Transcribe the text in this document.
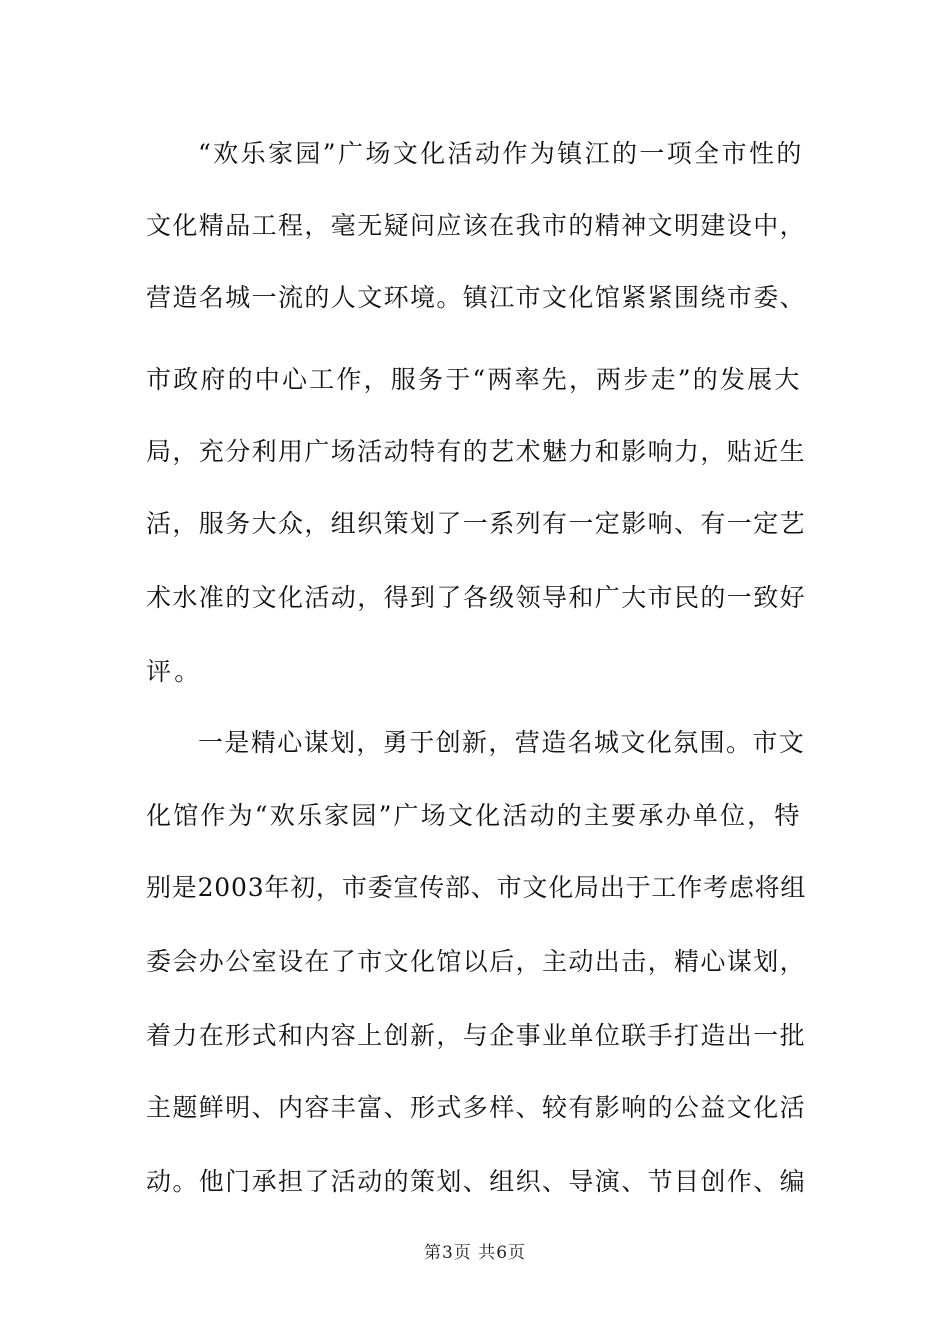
“欢乐家园”广场文化活动作为镇江的一项全市性的
文化精品工程，毫无疑问应该在我市的精神文明建设中，
营造名城一流的人文环境。镇江市文化馆紧紧围绕市委、
市政府的中心工作，服务于“两率先，两步走”的发展大
局，充分利用广场活动特有的艺术魅力和影响力，贴近生
活，服务大众，组织策划了一系列有一定影响、有一定艺
术水准的文化活动，得到了各级领导和广大市民的一致好
评。
一是精心谋划，勇于创新，营造名城文化氛围。市文
化馆作为“欢乐家园”广场文化活动的主要承办单位，特
别是2003年初，市委宣传部、市文化局出于工作考虑将组
委会办公室设在了市文化馆以后，主动出击，精心谋划，
着力在形式和内容上创新，与企事业单位联手打造出一批
主题鲜明、内容丰富、形式多样、较有影响的公益文化活
动。他门承担了活动的策划、组织、导演、节目创作、编
第3页 共6页
